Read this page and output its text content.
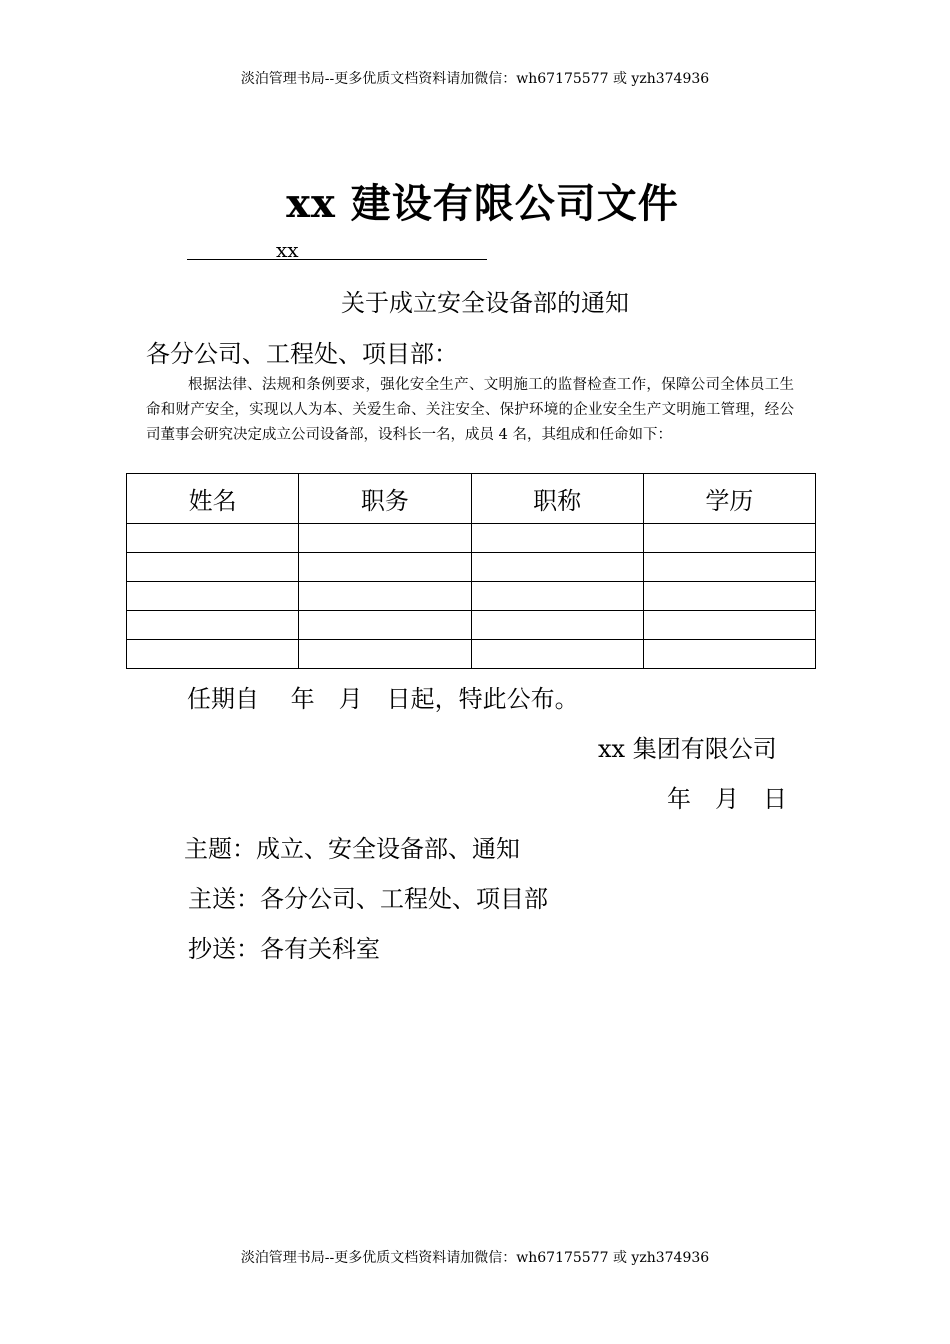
淡泊管理书局--更多优质文档资料请加微信：wh67175577 或 yzh374936
xx 建设有限公司文件
xx
关于成立安全设备部的通知
各分公司、工程处、项目部：
根据法律、法规和条例要求，强化安全生产、文明施工的监督检查工作，保障公司全体员工生命和财产安全，实现以人为本、关爱生命、关注安全、保护环境的企业安全生产文明施工管理，经公司董事会研究决定成立公司设备部，设科长一名，成员 4 名，其组成和任命如下：
姓名	职务	职称	学历

任期自　 年　月　日起，特此公布。
xx 集团有限公司
年　月　日
主题：成立、安全设备部、通知
主送：各分公司、工程处、项目部
抄送：各有关科室
淡泊管理书局--更多优质文档资料请加微信：wh67175577 或 yzh374936
